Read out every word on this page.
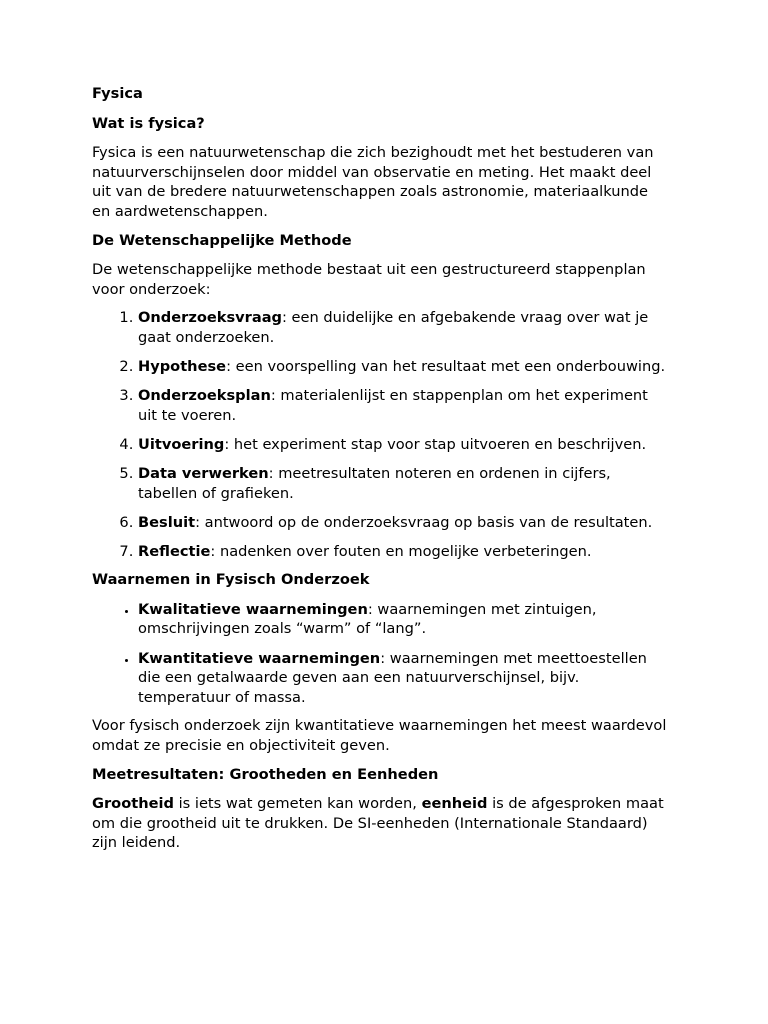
Fysica
Wat is fysica?

Fysica is een natuurwetenschap die zich bezighoudt met het bestuderen van natuurverschijnselen door middel van observatie en meting. Het maakt deel uit van de bredere natuurwetenschappen zoals astronomie, materiaalkunde en aardwetenschappen.

De Wetenschappelijke Methode

De wetenschappelijke methode bestaat uit een gestructureerd stappenplan voor onderzoek:

1. Onderzoeksvraag: een duidelijke en afgebakende vraag over wat je gaat onderzoeken.
2. Hypothese: een voorspelling van het resultaat met een onderbouwing.
3. Onderzoeksplan: materialenlijst en stappenplan om het experiment uit te voeren.
4. Uitvoering: het experiment stap voor stap uitvoeren en beschrijven.
5. Data verwerken: meetresultaten noteren en ordenen in cijfers, tabellen of grafieken.
6. Besluit: antwoord op de onderzoeksvraag op basis van de resultaten.
7. Reflectie: nadenken over fouten en mogelijke verbeteringen.
Waarnemen in Fysisch Onderzoek
• Kwalitatieve waarnemingen: waarnemingen met zintuigen, omschrijvingen zoals “warm” of “lang”.
• Kwantitatieve waarnemingen: waarnemingen met meettoestellen die een getalwaarde geven aan een natuurverschijnsel, bijv. temperatuur of massa.

Voor fysisch onderzoek zijn kwantitatieve waarnemingen het meest waardevol omdat ze precisie en objectiviteit geven.

Meetresultaten: Grootheden en Eenheden

Grootheid is iets wat gemeten kan worden, eenheid is de afgesproken maat om die grootheid uit te drukken. De SI-eenheden (Internationale Standaard) zijn leidend.
